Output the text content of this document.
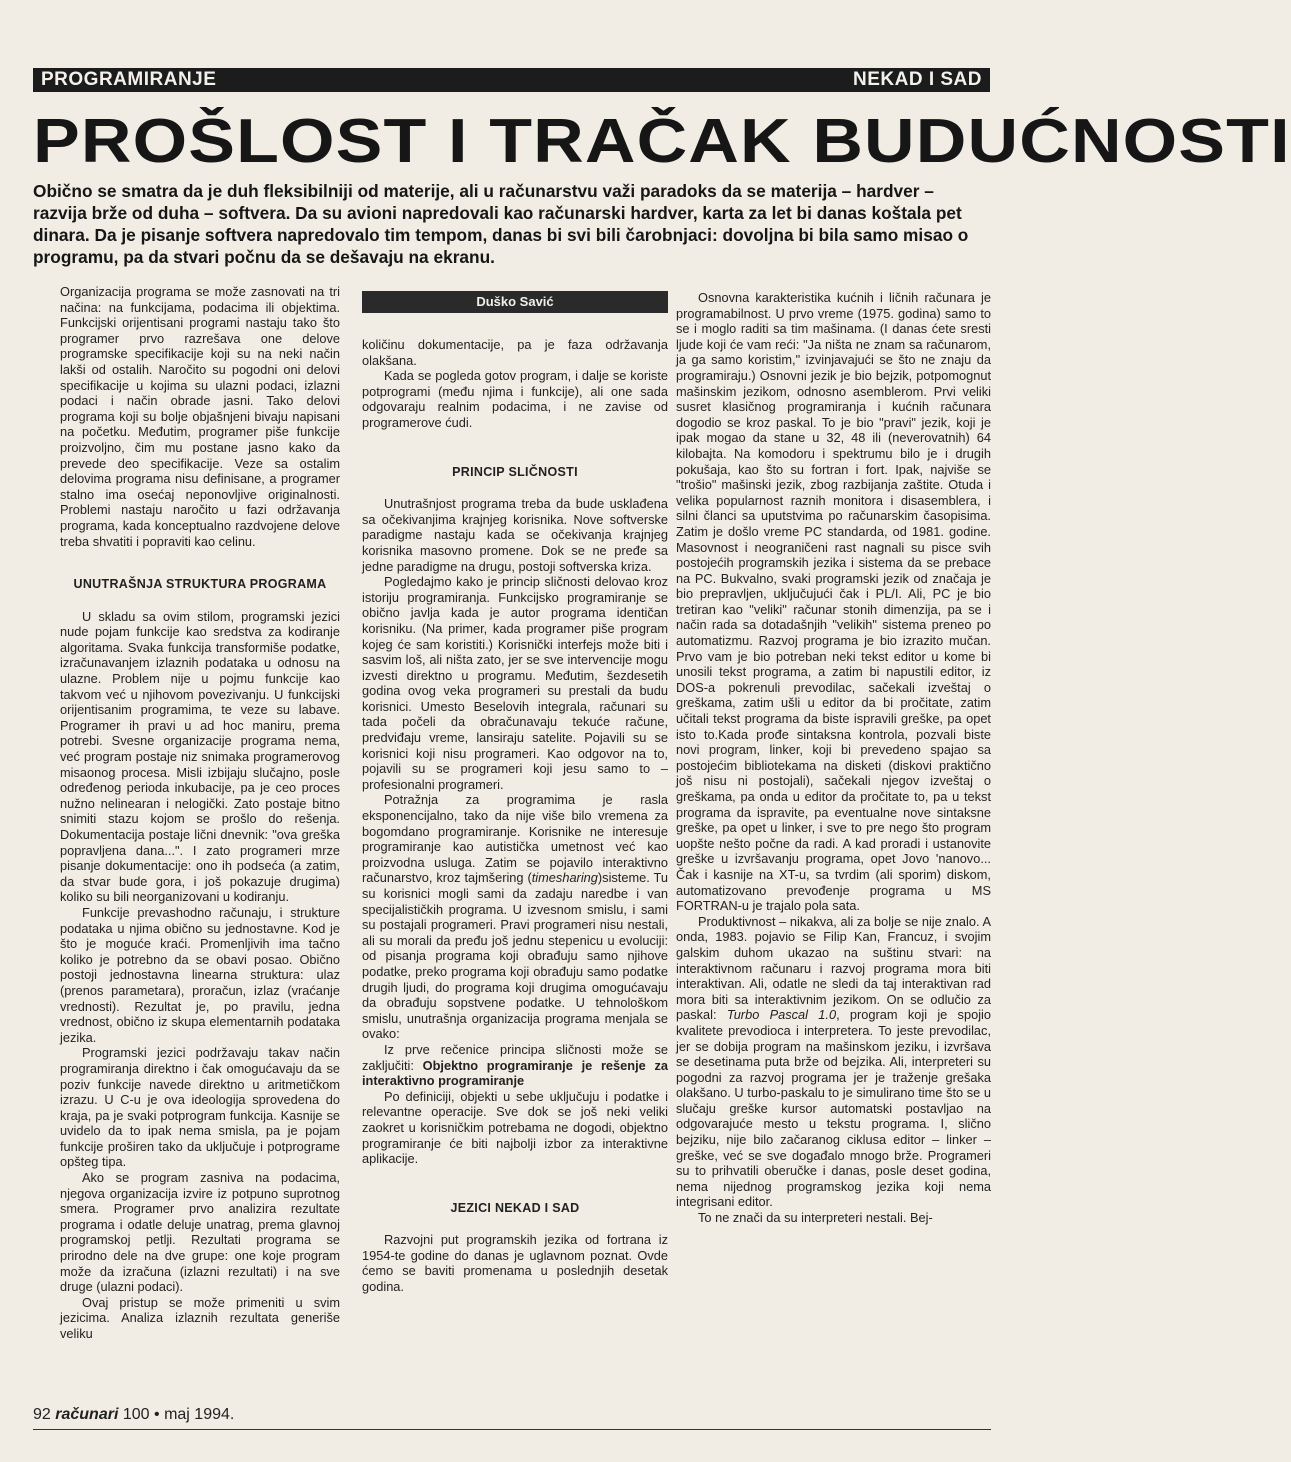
PROGRAMIRANJE	NEKAD I SAD
PROŠLOST I TRAČAK BUDUĆNOSTI
Obično se smatra da je duh fleksibilniji od materije, ali u računarstvu važi paradoks da se materija – hardver – razvija brže od duha – softvera. Da su avioni napredovali kao računarski hardver, karta za let bi danas koštala pet dinara. Da je pisanje softvera napredovalo tim tempom, danas bi svi bili čarobnjaci: dovoljna bi bila samo misao o programu, pa da stvari počnu da se dešavaju na ekranu.

Organizacija programa se može zasnovati na tri načina: na funkcijama, podacima ili objektima. Funkcijski orijentisani programi nastaju tako što programer prvo razrešava one delove programske specifikacije koji su na neki način lakši od ostalih. Naročito su pogodni oni delovi specifikacije u kojima su ulazni podaci, izlazni podaci i način obrade jasni. Tako delovi programa koji su bolje objašnjeni bivaju napisani na početku. Međutim, programer piše funkcije proizvoljno, čim mu postane jasno kako da prevede deo specifikacije. Veze sa ostalim delovima programa nisu definisane, a programer stalno ima osećaj neponovljive originalnosti. Problemi nastaju naročito u fazi održavanja programa, kada konceptualno razdvojene delove treba shvatiti i popraviti kao celinu.

UNUTRAŠNJA STRUKTURA PROGRAMA

U skladu sa ovim stilom, programski jezici nude pojam funkcije kao sredstva za kodiranje algoritama. Svaka funkcija transformiše podatke, izračunavanjem izlaznih podataka u odnosu na ulazne. Problem nije u pojmu funkcije kao takvom već u njihovom povezivanju. U funkcijski orijentisanim programima, te veze su labave. Programer ih pravi u ad hoc maniru, prema potrebi. Svesne organizacije programa nema, već program postaje niz snimaka programerovog misaonog procesa. Misli izbijaju slučajno, posle određenog perioda inkubacije, pa je ceo proces nužno nelinearan i nelogički. Zato postaje bitno snimiti stazu kojom se prošlo do rešenja. Dokumentacija postaje lični dnevnik: "ova greška popravljena dana...". I zato programeri mrze pisanje dokumentacije: ono ih podseća (a zatim, da stvar bude gora, i još pokazuje drugima) koliko su bili neorganizovani u kodiranju.

Funkcije prevashodno računaju, i strukture podataka u njima obično su jednostavne. Kod je što je moguće kraći. Promenljivih ima tačno koliko je potrebno da se obavi posao. Obično postoji jednostavna linearna struktura: ulaz (prenos parametara), proračun, izlaz (vraćanje vrednosti). Rezultat je, po pravilu, jedna vrednost, obično iz skupa elementarnih podataka jezika.

Programski jezici podržavaju takav način programiranja direktno i čak omogućavaju da se poziv funkcije navede direktno u aritmetičkom izrazu. U C-u je ova ideologija sprovedena do kraja, pa je svaki potprogram funkcija. Kasnije se uvidelo da to ipak nema smisla, pa je pojam funkcije proširen tako da uključuje i potprograme opšteg tipa.

Ako se program zasniva na podacima, njegova organizacija izvire iz potpuno suprotnog smera. Programer prvo analizira rezultate programa i odatle deluje unatrag, prema glavnoj programskoj petlji. Rezultati programa se prirodno dele na dve grupe: one koje program može da izračuna (izlazni rezultati) i na sve druge (ulazni podaci).

Ovaj pristup se može primeniti u svim jezicima. Analiza izlaznih rezultata generiše veliku

Duško Savić

količinu dokumentacije, pa je faza održavanja olakšana.

Kada se pogleda gotov program, i dalje se koriste potprogrami (među njima i funkcije), ali one sada odgovaraju realnim podacima, i ne zavise od programerove ćudi.

PRINCIP SLIČNOSTI

Unutrašnjost programa treba da bude usklađena sa očekivanjima krajnjeg korisnika. Nove softverske paradigme nastaju kada se očekivanja krajnjeg korisnika masovno promene. Dok se ne pređe sa jedne paradigme na drugu, postoji softverska kriza.

Pogledajmo kako je princip sličnosti delovao kroz istoriju programiranja. Funkcijsko programiranje se obično javlja kada je autor programa identičan korisniku. (Na primer, kada programer piše program kojeg će sam koristiti.) Korisnički interfejs može biti i sasvim loš, ali ništa zato, jer se sve intervencije mogu izvesti direktno u programu. Međutim, šezdesetih godina ovog veka programeri su prestali da budu korisnici. Umesto Beselovih integrala, računari su tada počeli da obračunavaju tekuće račune, predviđaju vreme, lansiraju satelite. Pojavili su se korisnici koji nisu programeri. Kao odgovor na to, pojavili su se programeri koji jesu samo to – profesionalni programeri.

Potražnja za programima je rasla eksponencijalno, tako da nije više bilo vremena za bogomdano programiranje. Korisnike ne interesuje programiranje kao autistička umetnost već kao proizvodna usluga. Zatim se pojavilo interaktivno računarstvo, kroz tajmšering (timesharing)sisteme. Tu su korisnici mogli sami da zadaju naredbe i van specijalističkih programa. U izvesnom smislu, i sami su postajali programeri. Pravi programeri nisu nestali, ali su morali da pređu još jednu stepenicu u evoluciji: od pisanja programa koji obrađuju samo njihove podatke, preko programa koji obrađuju samo podatke drugih ljudi, do programa koji drugima omogućavaju da obrađuju sopstvene podatke. U tehnološkom smislu, unutrašnja organizacija programa menjala se ovako:

Iz prve rečenice principa sličnosti može se zaključiti: Objektno programiranje je rešenje za interaktivno programiranje

Po definiciji, objekti u sebe uključuju i podatke i relevantne operacije. Sve dok se još neki veliki zaokret u korisničkim potrebama ne dogodi, objektno programiranje će biti najbolji izbor za interaktivne aplikacije.

JEZICI NEKAD I SAD

Razvojni put programskih jezika od fortrana iz 1954-te godine do danas je uglavnom poznat. Ovde ćemo se baviti promenama u poslednjih desetak godina.

Osnovna karakteristika kućnih i ličnih računara je programabilnost. U prvo vreme (1975. godina) samo to se i moglo raditi sa tim mašinama. (I danas ćete sresti ljude koji će vam reći: "Ja ništa ne znam sa računarom, ja ga samo koristim," izvinjavajući se što ne znaju da programiraju.) Osnovni jezik je bio bejzik, potpomognut mašinskim jezikom, odnosno asemblerom. Prvi veliki susret klasičnog programiranja i kućnih računara dogodio se kroz paskal. To je bio "pravi" jezik, koji je ipak mogao da stane u 32, 48 ili (neverovatnih) 64 kilobajta. Na komodoru i spektrumu bilo je i drugih pokušaja, kao što su fortran i fort. Ipak, najviše se "trošio" mašinski jezik, zbog razbijanja zaštite. Otuda i velika popularnost raznih monitora i disasemblera, i silni članci sa uputstvima po računarskim časopisima. Zatim je došlo vreme PC standarda, od 1981. godine. Masovnost i neograničeni rast nagnali su pisce svih postojećih programskih jezika i sistema da se prebace na PC. Bukvalno, svaki programski jezik od značaja je bio prepravljen, uključujući čak i PL/I. Ali, PC je bio tretiran kao "veliki" računar stonih dimenzija, pa se i način rada sa dotadašnjih "velikih" sistema preneo po automatizmu. Razvoj programa je bio izrazito mučan. Prvo vam je bio potreban neki tekst editor u kome bi unosili tekst programa, a zatim bi napustili editor, iz DOS-a pokrenuli prevodilac, sačekali izveštaj o greškama, zatim ušli u editor da bi pročitate, zatim učitali tekst programa da biste ispravili greške, pa opet isto to.Kada prođe sintaksna kontrola, pozvali biste novi program, linker, koji bi prevedeno spajao sa postojećim bibliotekama na disketi (diskovi praktično još nisu ni postojali), sačekali njegov izveštaj o greškama, pa onda u editor da pročitate to, pa u tekst programa da ispravite, pa eventualne nove sintaksne greške, pa opet u linker, i sve to pre nego što program uopšte nešto počne da radi. A kad proradi i ustanovite greške u izvršavanju programa, opet Jovo 'nanovo... Čak i kasnije na XT-u, sa tvrdim (ali sporim) diskom, automatizovano prevođenje programa u MS FORTRAN-u je trajalo pola sata.

Produktivnost – nikakva, ali za bolje se nije znalo. A onda, 1983. pojavio se Filip Kan, Francuz, i svojim galskim duhom ukazao na suštinu stvari: na interaktivnom računaru i razvoj programa mora biti interaktivan. Ali, odatle ne sledi da taj interaktivan rad mora biti sa interaktivnim jezikom. On se odlučio za paskal: Turbo Pascal 1.0, program koji je spojio kvalitete prevodioca i interpretera. To jeste prevodilac, jer se dobija program na mašinskom jeziku, i izvršava se desetinama puta brže od bejzika. Ali, interpreteri su pogodni za razvoj programa jer je traženje grešaka olakšano. U turbo-paskalu to je simulirano time što se u slučaju greške kursor automatski postavljao na odgovarajuće mesto u tekstu programa. I, slično bejziku, nije bilo začaranog ciklusa editor – linker – greške, već se sve događalo mnogo brže. Programeri su to prihvatili oberučke i danas, posle deset godina, nema nijednog programskog jezika koji nema integrisani editor.

To ne znači da su interpreteri nestali. Bej-

92 računari 100 • maj 1994.
